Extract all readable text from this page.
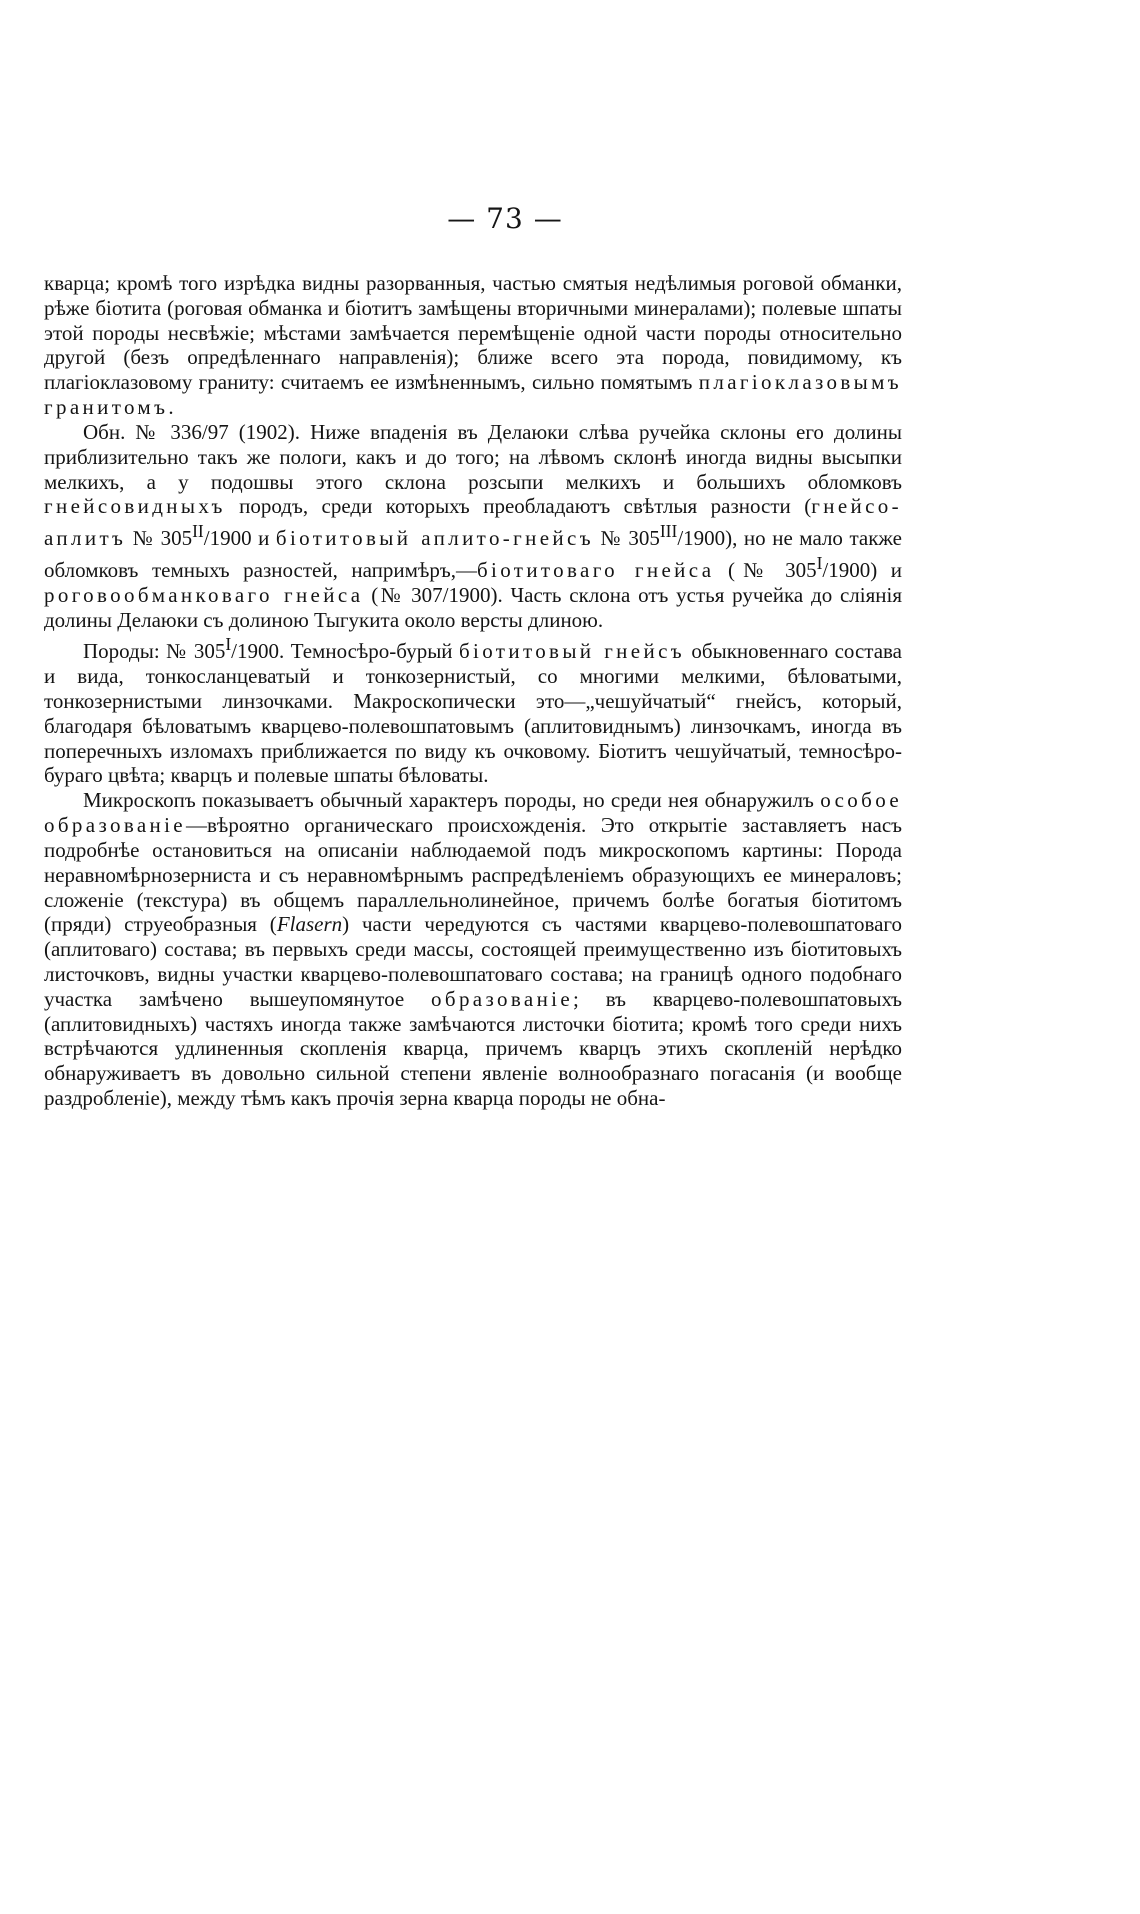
— 73 —

кварца; кромѣ того изрѣдка видны разорванныя, частью смятыя недѣлимыя роговой обманки, рѣже біотита (роговая обманка и біотитъ замѣщены вторичными минералами); полевые шпаты этой породы несвѣжіе; мѣстами замѣчается перемѣщеніе одной части породы относительно другой (безъ опредѣленнаго направленія); ближе всего эта порода, повидимому, къ плагіоклазовому граниту: считаемъ ее измѣненнымъ, сильно помятымъ плагіоклазовымъ гранитомъ.

Обн. № 336/97 (1902). Ниже впаденія въ Делаюки слѣва ручейка склоны его долины приблизительно такъ же пологи, какъ и до того; на лѣвомъ склонѣ иногда видны высыпки мелкихъ, а у подошвы этого склона розсыпи мелкихъ и большихъ обломковъ гнейсовидныхъ породъ, среди которыхъ преобладаютъ свѣтлыя разности (гнейсо-аплитъ № $305^{II}/1900$ и біотитовый аплито-гнейсъ № $305^{III}/1900$), но не мало также обломковъ темныхъ разностей, напримѣръ,—біотитоваго гнейса (№ $305^I/1900$) и роговообманковаго гнейса (№ 307/1900). Часть склона отъ устья ручейка до слiянiя долины Делаюки съ долиною Тыгукита около версты длиною.

Породы: № $305^I/1900$. Темносѣро-бурый біотитовый гнейсъ обыкновеннаго состава и вида, тонкосланцеватый и тонкозернистый, со многими мелкими, бѣловатыми, тонкозернистыми линзочками. Макроскопически это—„чешуйчатый“ гнейсъ, который, благодаря бѣловатымъ кварцево-полевошпатовымъ (аплитовиднымъ) линзочкамъ, иногда въ поперечныхъ изломахъ приближается по виду къ очковому. Біотитъ чешуйчатый, темносѣро-бураго цвѣта; кварцъ и полевые шпаты бѣловаты.

Микроскопъ показываетъ обычный характеръ породы, но среди нея обнаружилъ особое образованіе—вѣроятно органическаго происхожденія. Это открытіе заставляетъ насъ подробнѣе остановиться на описаніи наблюдаемой подъ микроскопомъ картины: Порода неравномѣрнозерниста и съ неравномѣрнымъ распредѣленіемъ образующихъ ее минераловъ; сложеніе (текстура) въ общемъ параллельнолинейное, причемъ болѣе богатыя біотитомъ (пряди) струеобразныя (Flasern) части чередуются съ частями кварцево-полевошпатоваго (аплитоваго) состава; въ первыхъ среди массы, состоящей преимущественно изъ біотитовыхъ листочковъ, видны участки кварцево-полевошпатоваго состава; на границѣ одного подобнаго участка замѣчено вышеупомянутое образованіе; въ кварцево-полевошпатовыхъ (аплитовидныхъ) частяхъ иногда также замѣчаются листочки біотита; кромѣ того среди нихъ встрѣчаются удлиненныя скопленія кварца, причемъ кварцъ этихъ скопленій нерѣдко обнаруживаетъ въ довольно сильной степени явленіе волнообразнаго погасанія (и вообще раздробленіе), между тѣмъ какъ прочія зерна кварца породы не обна-
